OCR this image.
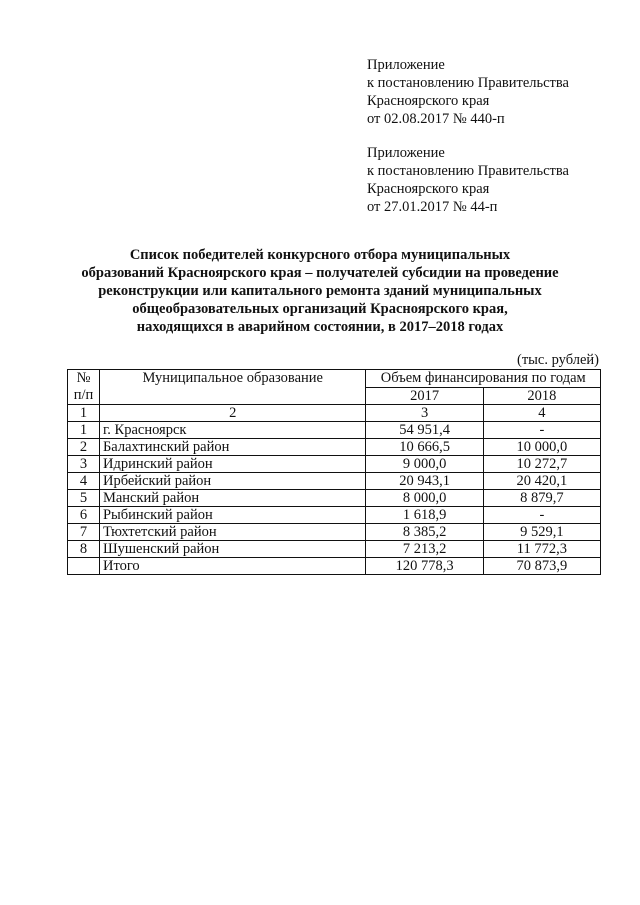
Приложение
к постановлению Правительства
Красноярского края
от 02.08.2017 № 440-п
Приложение
к постановлению Правительства
Красноярского края
от 27.01.2017 № 44-п
Список победителей конкурсного отбора муниципальных
образований Красноярского края – получателей субсидии на проведение
реконструкции или капитального ремонта зданий муниципальных
общеобразовательных организаций Красноярского края,
находящихся в аварийном состоянии, в 2017–2018 годах
(тыс. рублей)
№
п/п	Муниципальное образование	Объем финансирования по годам	
		2017	2018
1	2	3	4
1	г. Красноярск	54 951,4	-
2	Балахтинский район	10 666,5	10 000,0
3	Идринский район	9 000,0	10 272,7
4	Ирбейский район	20 943,1	20 420,1
5	Манский район	8 000,0	8 879,7
6	Рыбинский район	1 618,9	-
7	Тюхтетский район	8 385,2	9 529,1
8	Шушенский район	7 213,2	11 772,3
	Итого	120 778,3	70 873,9
